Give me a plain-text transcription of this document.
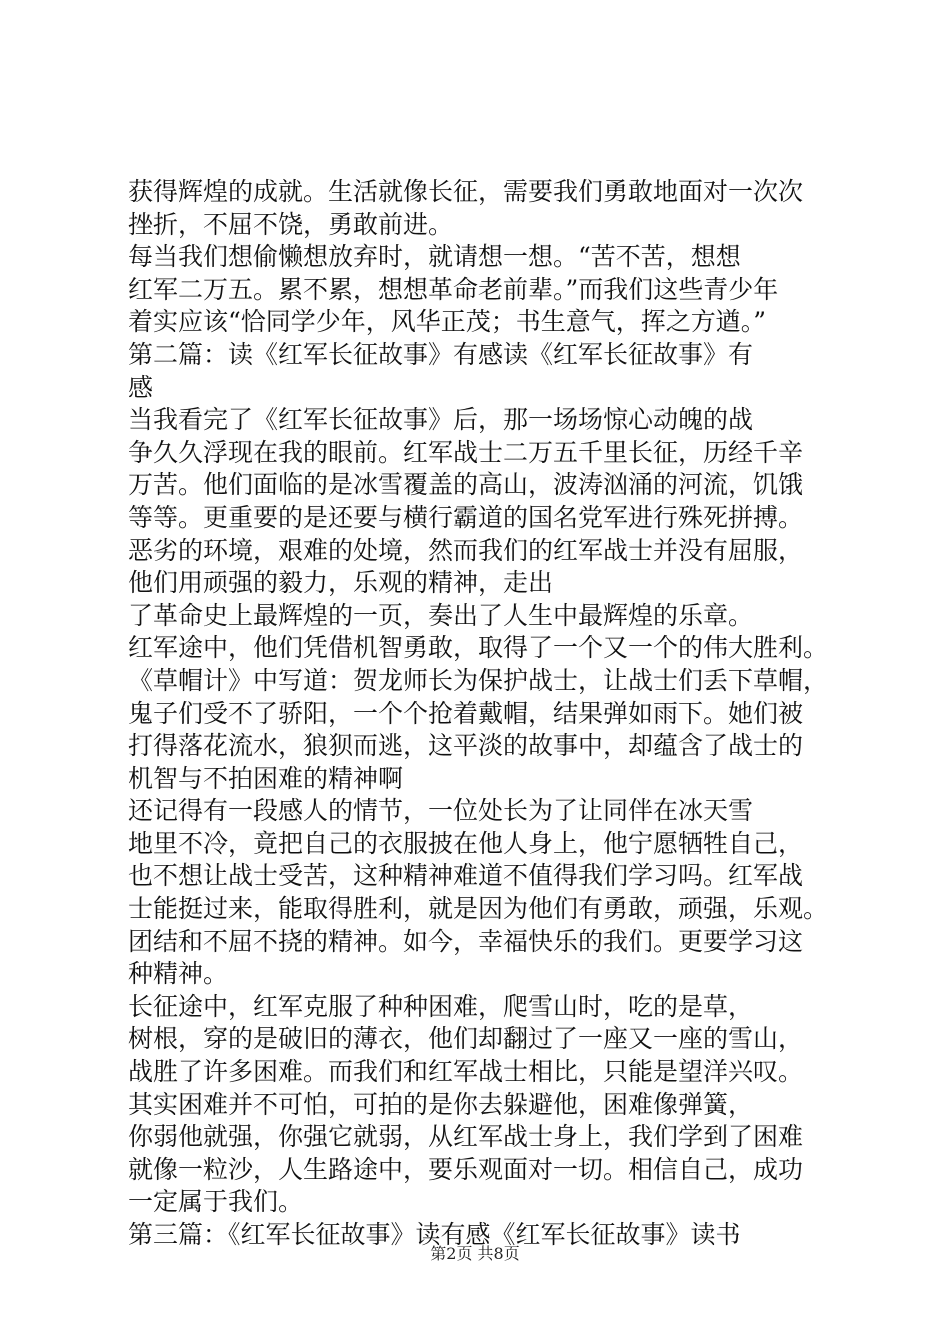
获得辉煌的成就。生活就像长征，需要我们勇敢地面对一次次
挫折，不屈不饶，勇敢前进。
每当我们想偷懒想放弃时，就请想一想。“苦不苦，想想
红军二万五。累不累，想想革命老前辈。”而我们这些青少年
着实应该“恰同学少年，风华正茂；书生意气，挥之方遒。”
第二篇：读《红军长征故事》有感读《红军长征故事》有
感
当我看完了《红军长征故事》后，那一场场惊心动魄的战
争久久浮现在我的眼前。红军战士二万五千里长征，历经千辛
万苦。他们面临的是冰雪覆盖的高山，波涛汹涌的河流，饥饿
等等。更重要的是还要与横行霸道的国名党军进行殊死拼搏。
恶劣的环境，艰难的处境，然而我们的红军战士并没有屈服，
他们用顽强的毅力，乐观的精神，走出
了革命史上最辉煌的一页，奏出了人生中最辉煌的乐章。
红军途中，他们凭借机智勇敢，取得了一个又一个的伟大胜利。
《草帽计》中写道：贺龙师长为保护战士，让战士们丢下草帽，
鬼子们受不了骄阳，一个个抢着戴帽，结果弹如雨下。她们被
打得落花流水，狼狈而逃，这平淡的故事中，却蕴含了战士的
机智与不拍困难的精神啊
还记得有一段感人的情节，一位处长为了让同伴在冰天雪
地里不冷，竟把自己的衣服披在他人身上，他宁愿牺牲自己，
也不想让战士受苦，这种精神难道不值得我们学习吗。红军战
士能挺过来，能取得胜利，就是因为他们有勇敢，顽强，乐观。
团结和不屈不挠的精神。如今，幸福快乐的我们。更要学习这
种精神。
长征途中，红军克服了种种困难，爬雪山时，吃的是草，
树根，穿的是破旧的薄衣，他们却翻过了一座又一座的雪山，
战胜了许多困难。而我们和红军战士相比，只能是望洋兴叹。
其实困难并不可怕，可拍的是你去躲避他，困难像弹簧，
你弱他就强，你强它就弱，从红军战士身上，我们学到了困难
就像一粒沙，人生路途中，要乐观面对一切。相信自己，成功
一定属于我们。
第三篇：《红军长征故事》读有感《红军长征故事》读书
第2页 共8页
